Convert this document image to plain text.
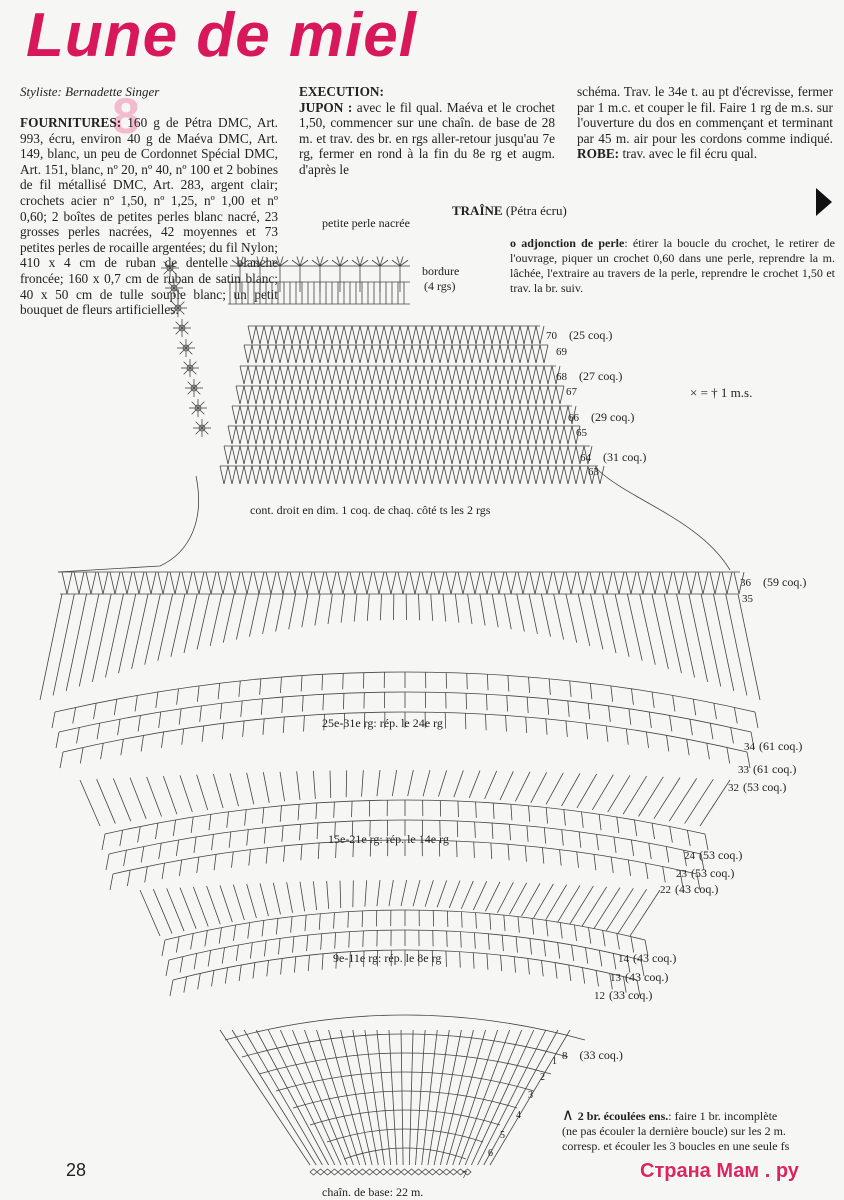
Lune de miel
8
Styliste: Bernadette Singer
FOURNITURES: 160 g de Pétra DMC, Art. 993, écru, environ 40 g de Maéva DMC, Art. 149, blanc, un peu de Cordonnet Spécial DMC, Art. 151, blanc, nº 20, nº 40, nº 100 et 2 bobines de fil métallisé DMC, Art. 283, argent clair; crochets acier nº 1,50, nº 1,25, nº 1,00 et nº 0,60; 2 boîtes de petites perles blanc nacré, 23 grosses perles nacrées, 42 moyennes et 73 petites perles de rocaille argentées; du fil Nylon; 410 x 4 cm de ruban de dentelle blanche froncée; 160 x 0,7 cm de ruban de satin blanc; 40 x 50 cm de tulle souple blanc; un petit bouquet de fleurs artificielles.
EXECUTION:
JUPON : avec le fil qual. Maéva et le crochet 1,50, commencer sur une chaîn. de base de 28 m. et trav. des br. en rgs aller-retour jusqu'au 7e rg, fermer en rond à la fin du 8e rg et augm. d'après le
schéma. Trav. le 34e t. au pt d'écrevisse, fermer par 1 m.c. et couper le fil. Faire 1 rg de m.s. sur l'ouverture du dos en commençant et terminant par 45 m. air pour les cordons comme indiqué. ROBE: trav. avec le fil écru qual.
TRAÎNE (Pétra écru)
petite perle nacrée
bordure
(4 rgs)
o adjonction de perle: étirer la boucle du crochet, le retirer de l'ouvrage, piquer un crochet 0,60 dans une perle, reprendre la m. lâchée, l'extraire au travers de la perle, reprendre le crochet 1,50 et trav. la br. suiv.
× = † 1 m.s.
cont. droit en dim. 1 coq. de chaq. côté ts les 2 rgs
25e-31e rg: rép. le 24e rg
15e-21e rg: rép. le 14e rg
9e-11e rg: rép. le 8e rg
chaîn. de base: 22 m.
∧ 2 br. écoulées ens.: faire 1 br. incomplète (ne pas écouler la dernière boucle) sur les 2 m. corresp. et écouler les 3 boucles en une seule fs
70 (25 coq.)
69
68 (27 coq.)
67
66 (29 coq.)
65
64 (31 coq.)
63
36 (59 coq.)
35
34 (61 coq.)
33 (61 coq.)
32 (53 coq.)
24 (53 coq.)
23 (53 coq.)
22 (43 coq.)
14 (43 coq.)
13 (43 coq.)
12 (33 coq.)
8 (33 coq.)
7
6
5
4
3
2
1
28	Страна Мам . ру
